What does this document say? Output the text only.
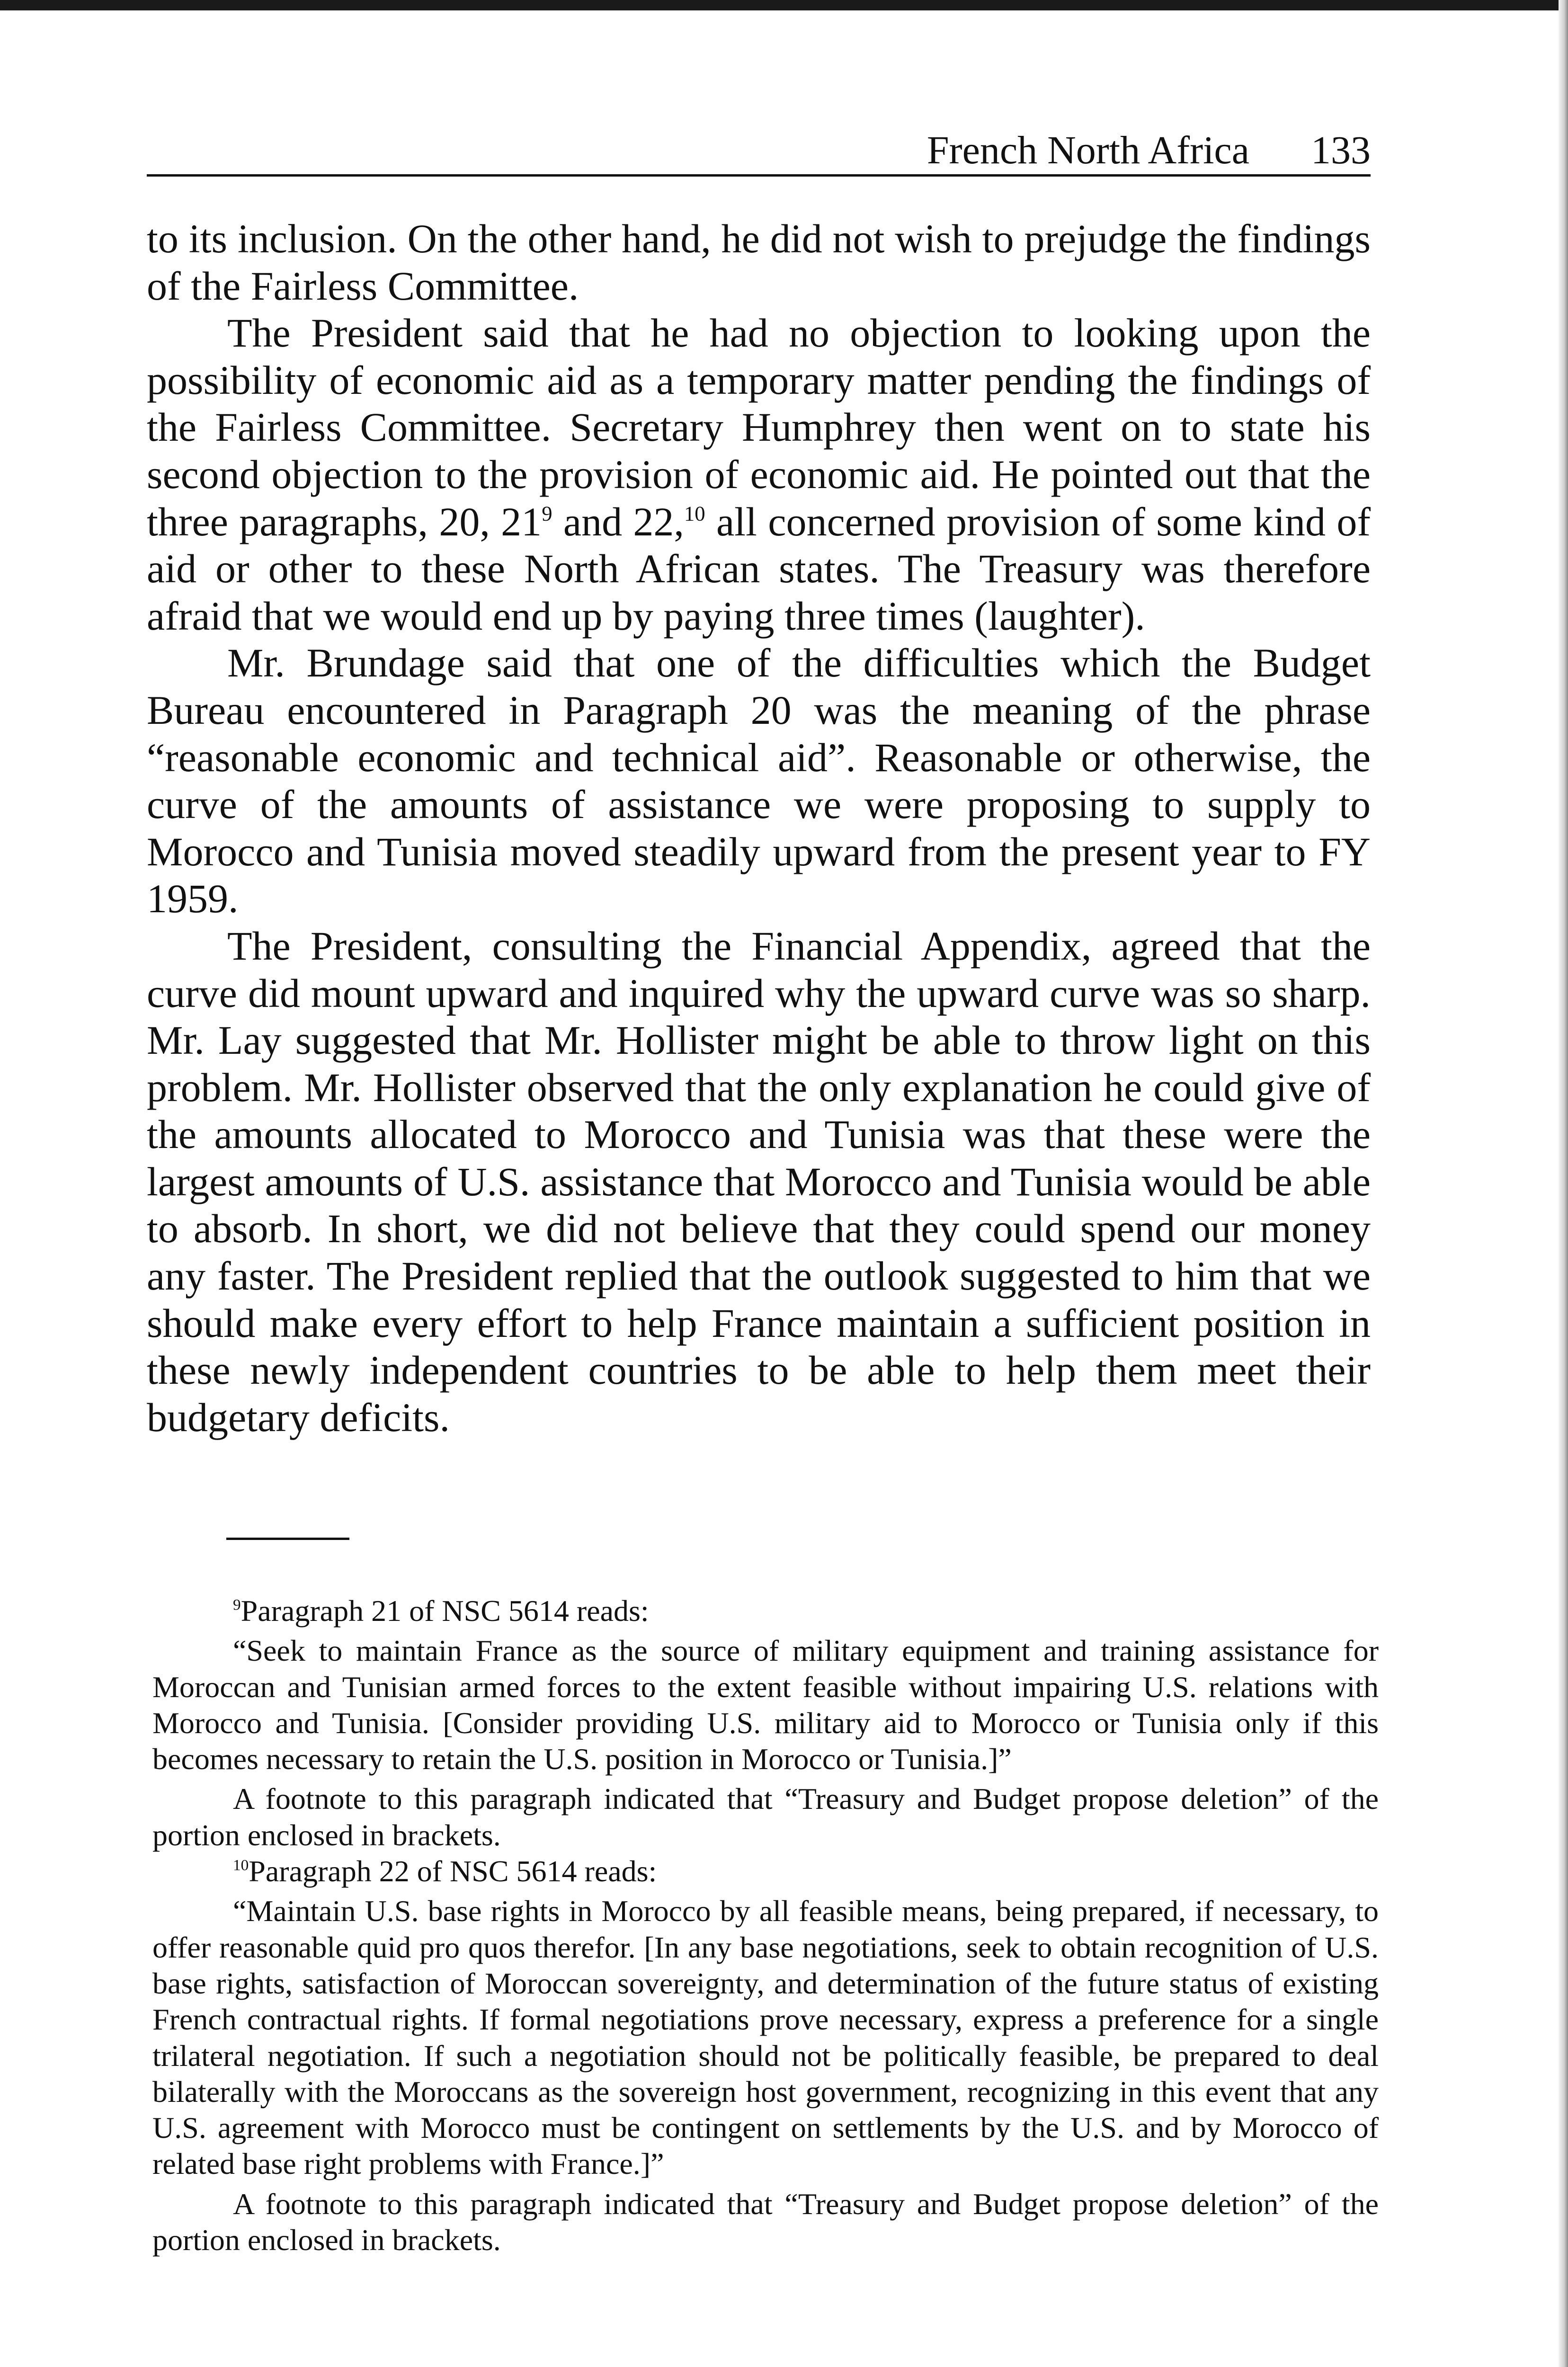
French North Africa 133

to its inclusion. On the other hand, he did not wish to prejudge the findings of the Fairless Committee.

The President said that he had no objection to looking upon the possibility of economic aid as a temporary matter pending the findings of the Fairless Committee. Secretary Humphrey then went on to state his second objection to the provision of economic aid. He pointed out that the three paragraphs, 20, $21^9$ and 22,10 all concerned provision of some kind of aid or other to these North African states. The Treasury was therefore afraid that we would end up by paying three times (laughter).

Mr. Brundage said that one of the difficulties which the Budget Bureau encountered in Paragraph 20 was the meaning of the phrase “reasonable economic and technical aid”. Reasonable or otherwise, the curve of the amounts of assistance we were proposing to supply to Morocco and Tunisia moved steadily upward from the present year to FY 1959.

The President, consulting the Financial Appendix, agreed that the curve did mount upward and inquired why the upward curve was so sharp. Mr. Lay suggested that Mr. Hollister might be able to throw light on this problem. Mr. Hollister observed that the only explanation he could give of the amounts allocated to Morocco and Tunisia was that these were the largest amounts of U.S. assistance that Morocco and Tunisia would be able to absorb. In short, we did not believe that they could spend our money any faster. The President replied that the outlook suggested to him that we should make every effort to help France maintain a sufficient position in these newly independent countries to be able to help them meet their budgetary deficits.

$^9$Paragraph 21 of NSC 5614 reads:

“Seek to maintain France as the source of military equipment and training assistance for Moroccan and Tunisian armed forces to the extent feasible without impairing U.S. relations with Morocco and Tunisia. [Consider providing U.S. military aid to Morocco or Tunisia only if this becomes necessary to retain the U.S. position in Morocco or Tunisia.]”

A footnote to this paragraph indicated that “Treasury and Budget propose deletion” of the portion enclosed in brackets.

$^{10}$Paragraph 22 of NSC 5614 reads:

“Maintain U.S. base rights in Morocco by all feasible means, being prepared, if necessary, to offer reasonable quid pro quos therefor. [In any base negotiations, seek to obtain recognition of U.S. base rights, satisfaction of Moroccan sovereignty, and determination of the future status of existing French contractual rights. If formal negotiations prove necessary, express a preference for a single trilateral negotiation. If such a negotiation should not be politically feasible, be prepared to deal bilaterally with the Moroccans as the sovereign host government, recognizing in this event that any U.S. agreement with Morocco must be contingent on settlements by the U.S. and by Morocco of related base right problems with France.]”

A footnote to this paragraph indicated that “Treasury and Budget propose deletion” of the portion enclosed in brackets.
